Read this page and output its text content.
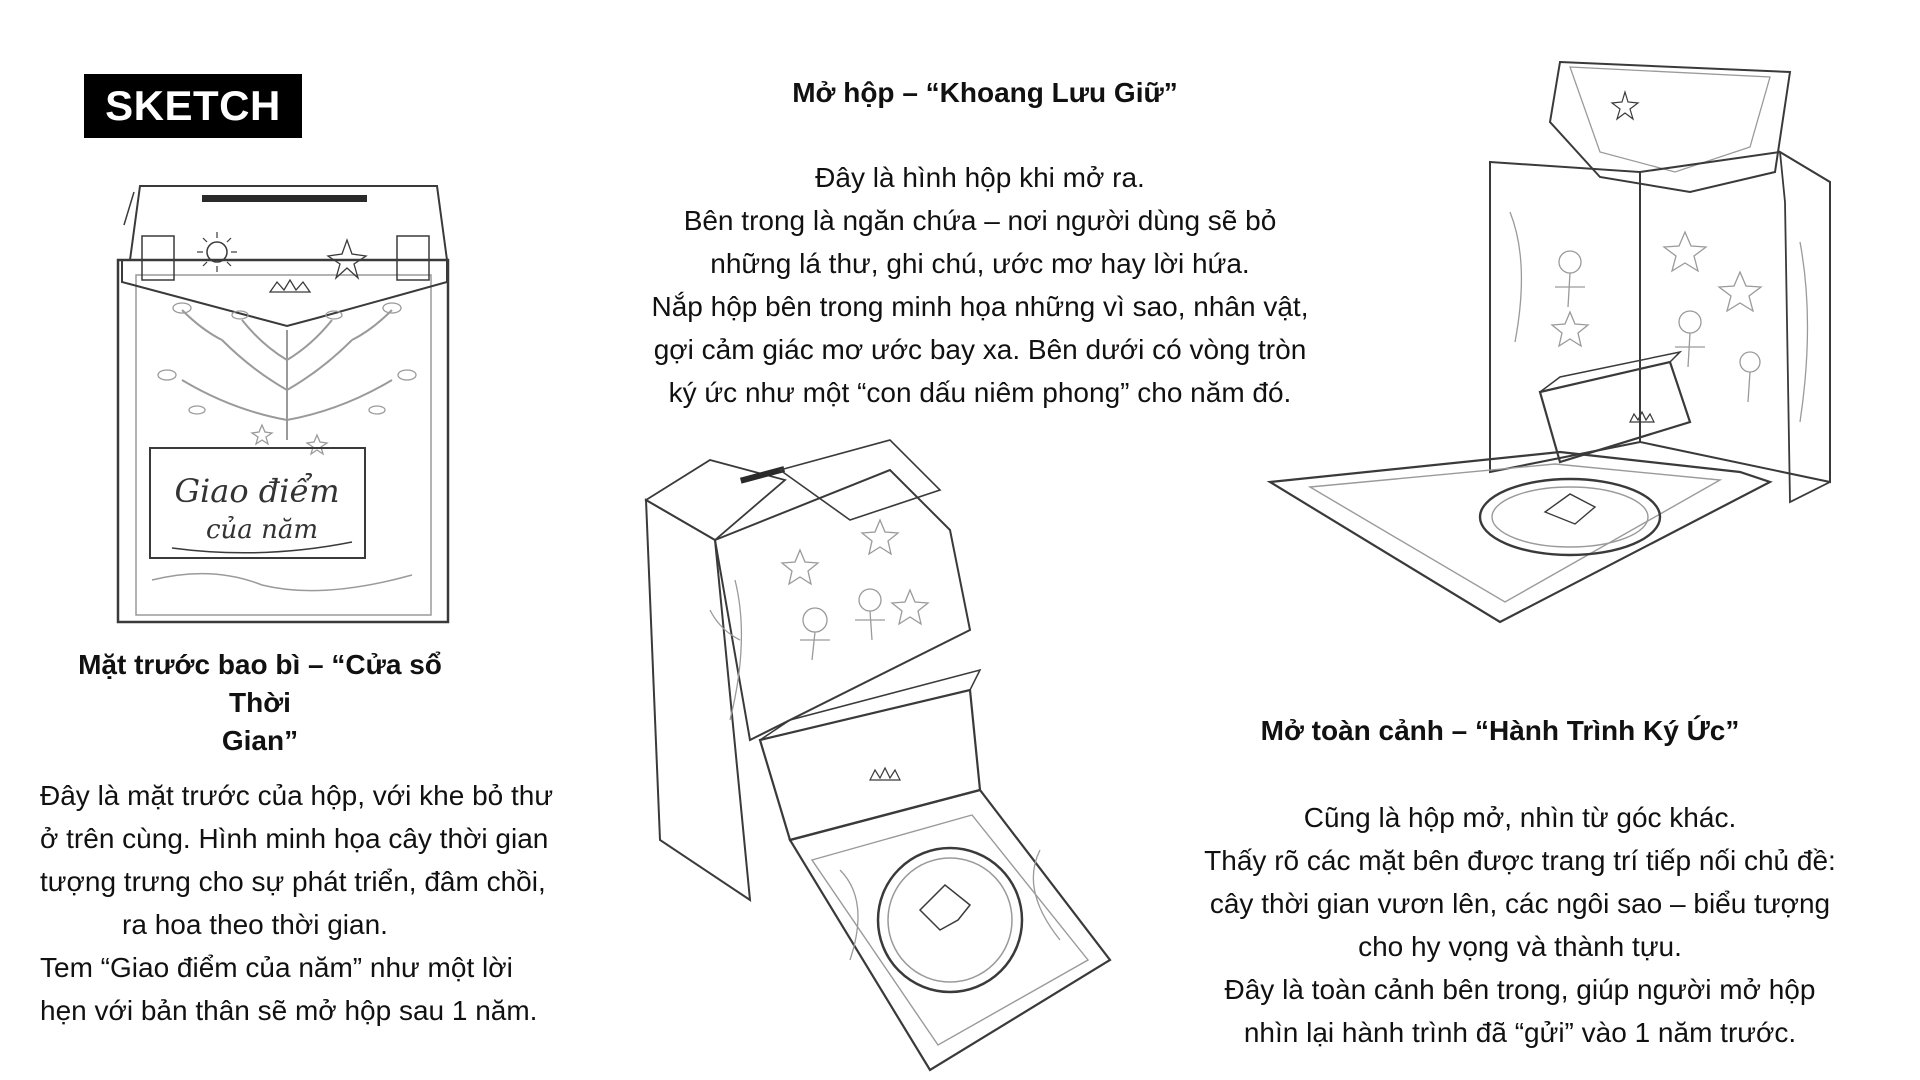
SKETCH
Giao điểm
của năm
Mặt trước bao bì – “Cửa sổ Thời
Gian”
Đây là mặt trước của hộp, với khe bỏ thư
ở trên cùng. Hình minh họa cây thời gian
tượng trưng cho sự phát triển, đâm chồi,
ra hoa theo thời gian.
Tem “Giao điểm của năm” như một lời
hẹn với bản thân sẽ mở hộp sau 1 năm.
Mở hộp – “Khoang Lưu Giữ”
Đây là hình hộp khi mở ra.
Bên trong là ngăn chứa – nơi người dùng sẽ bỏ
những lá thư, ghi chú, ước mơ hay lời hứa.
Nắp hộp bên trong minh họa những vì sao, nhân vật,
gợi cảm giác mơ ước bay xa. Bên dưới có vòng tròn
ký ức như một “con dấu niêm phong” cho năm đó.
Mở toàn cảnh – “Hành Trình Ký Ức”
Cũng là hộp mở, nhìn từ góc khác.
Thấy rõ các mặt bên được trang trí tiếp nối chủ đề:
cây thời gian vươn lên, các ngôi sao – biểu tượng
cho hy vọng và thành tựu.
Đây là toàn cảnh bên trong, giúp người mở hộp
nhìn lại hành trình đã “gửi” vào 1 năm trước.
